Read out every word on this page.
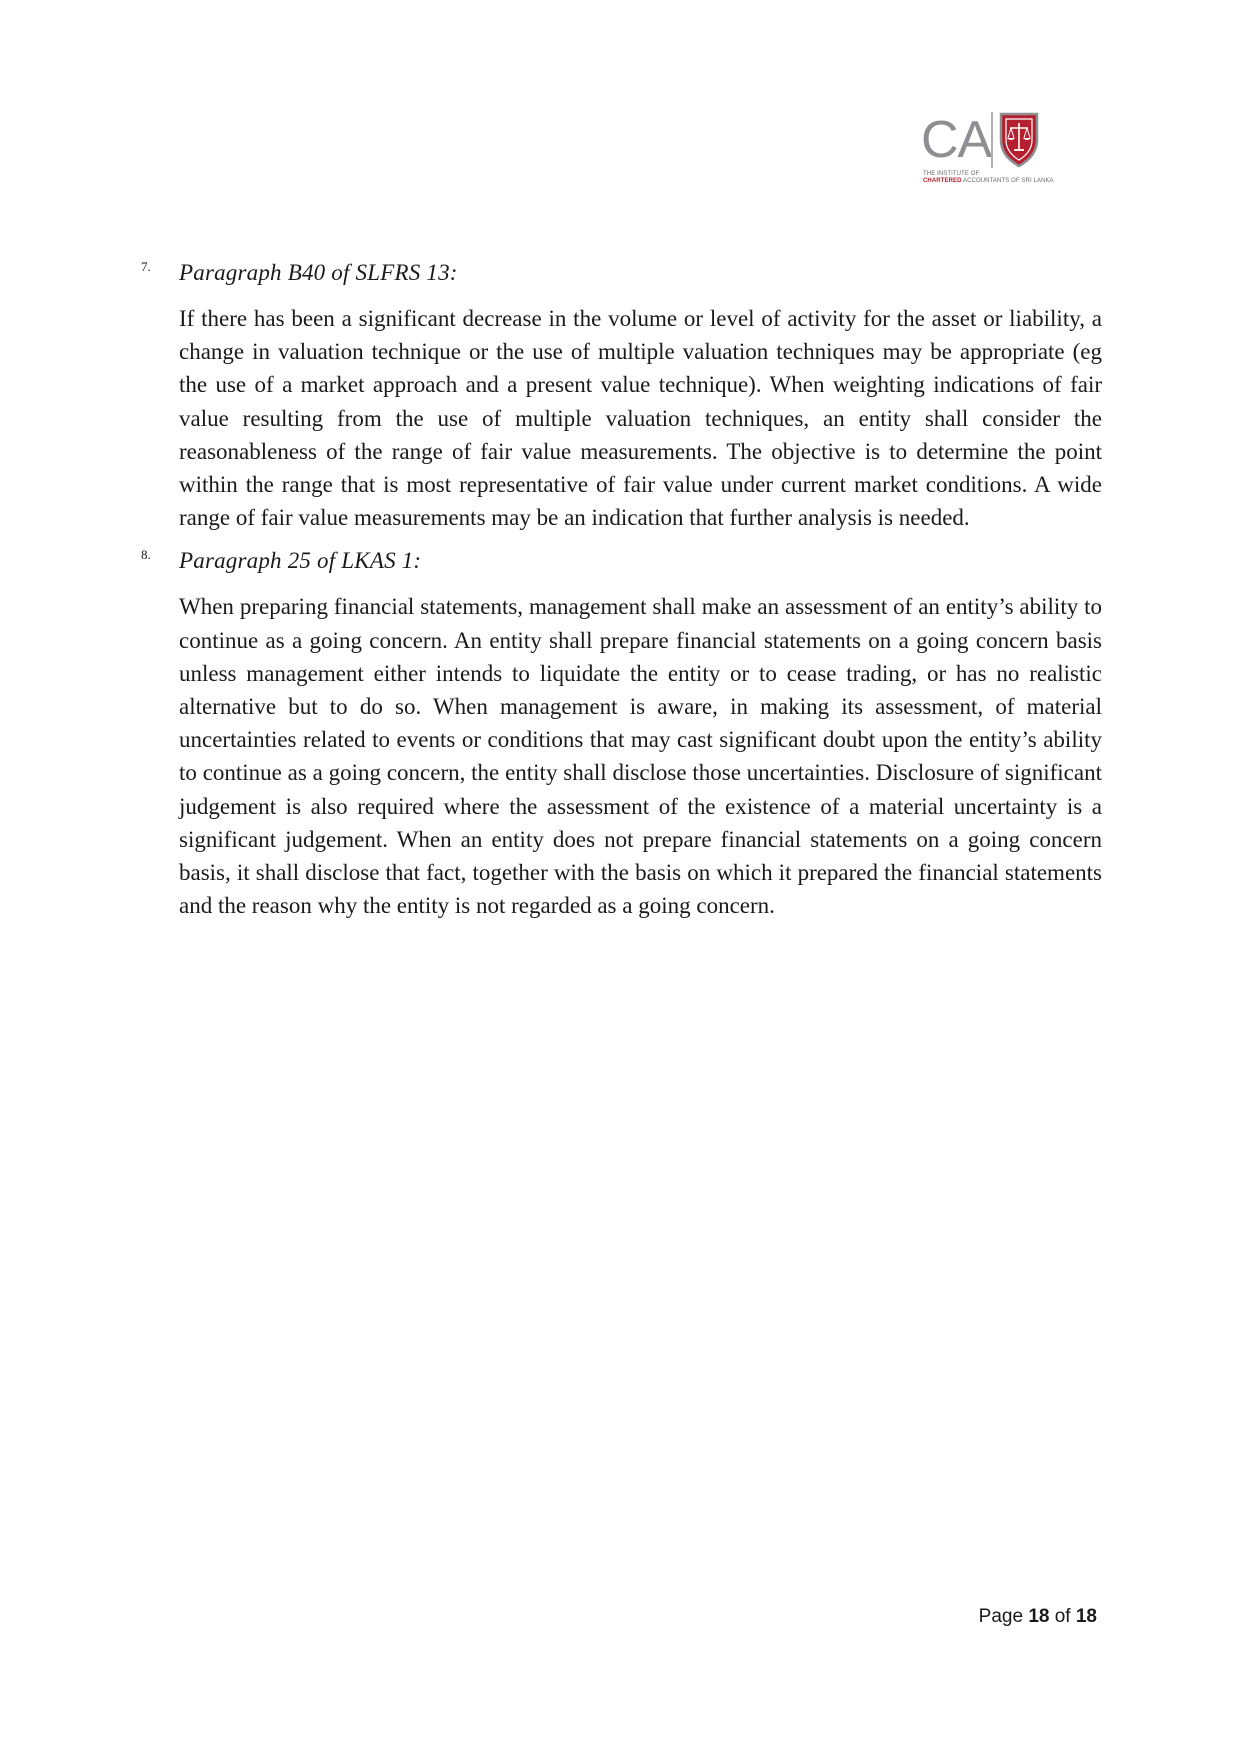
CA
THE INSTITUTE OF
CHARTERED ACCOUNTANTS OF SRI LANKA
7. Paragraph B40 of SLFRS 13:
If there has been a significant decrease in the volume or level of activity for the asset or liability, a change in valuation technique or the use of multiple valuation techniques may be appropriate (eg the use of a market approach and a present value technique). When weighting indications of fair value resulting from the use of multiple valuation techniques, an entity shall consider the reasonableness of the range of fair value measurements. The objective is to determine the point within the range that is most representative of fair value under current market conditions. A wide range of fair value measurements may be an indication that further analysis is needed.
8. Paragraph 25 of LKAS 1:
When preparing financial statements, management shall make an assessment of an entity’s ability to continue as a going concern. An entity shall prepare financial statements on a going concern basis unless management either intends to liquidate the entity or to cease trading, or has no realistic alternative but to do so. When management is aware, in making its assessment, of material uncertainties related to events or conditions that may cast significant doubt upon the entity’s ability to continue as a going concern, the entity shall disclose those uncertainties. Disclosure of significant judgement is also required where the assessment of the existence of a material uncertainty is a significant judgement. When an entity does not prepare financial statements on a going concern basis, it shall disclose that fact, together with the basis on which it prepared the financial statements and the reason why the entity is not regarded as a going concern.
Page 18 of 18
